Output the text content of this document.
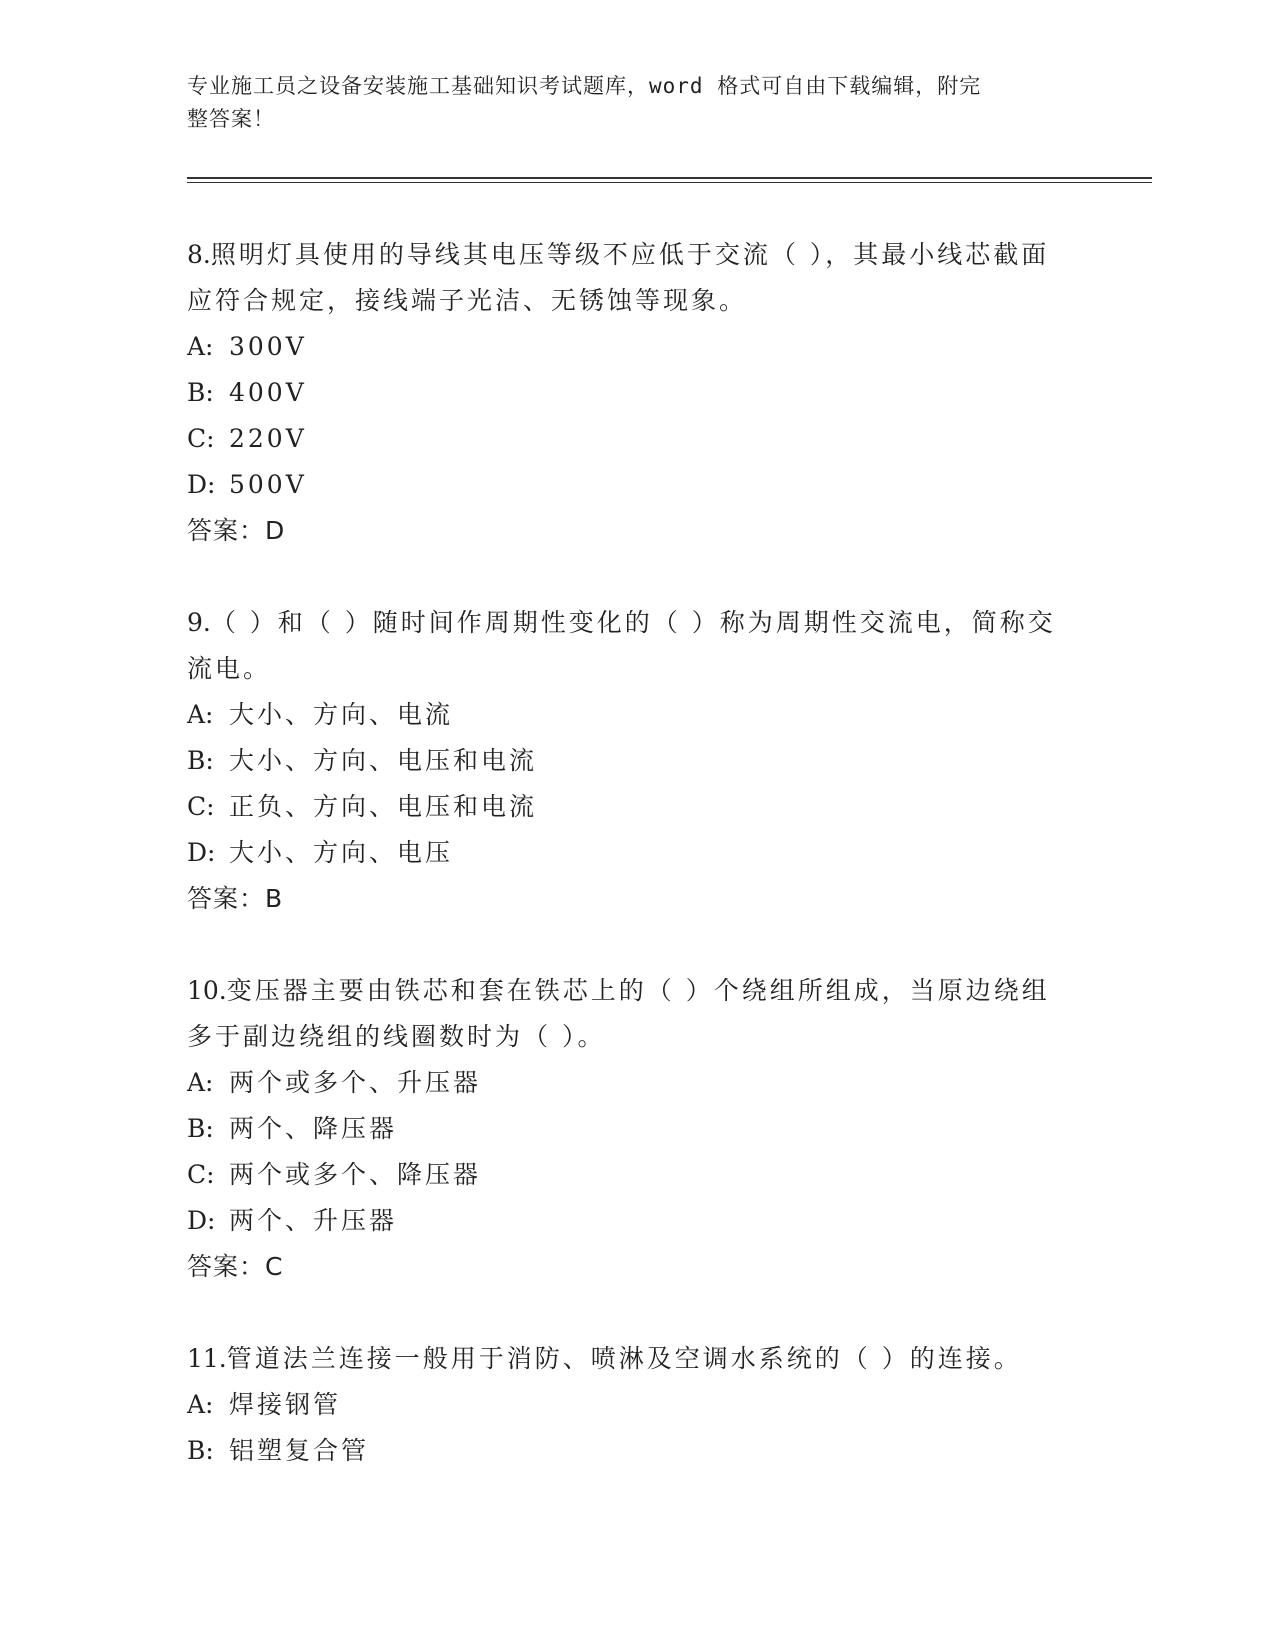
专业施工员之设备安装施工基础知识考试题库，word 格式可自由下载编辑，附完
整答案！
8.照明灯具使用的导线其电压等级不应低于交流（ ），其最小线芯截面应符合规定，接线端子光洁、无锈蚀等现象。
A: 300V
B: 400V
C: 220V
D: 500V
答案：D
9.（ ）和（ ）随时间作周期性变化的（ ）称为周期性交流电，简称交流电。
A: 大小、方向、电流
B: 大小、方向、电压和电流
C: 正负、方向、电压和电流
D: 大小、方向、电压
答案：B
10.变压器主要由铁芯和套在铁芯上的（ ）个绕组所组成，当原边绕组多于副边绕组的线圈数时为（ ）。
A: 两个或多个、升压器
B: 两个、降压器
C: 两个或多个、降压器
D: 两个、升压器
答案：C
11.管道法兰连接一般用于消防、喷淋及空调水系统的（ ）的连接。
A: 焊接钢管
B: 铝塑复合管
